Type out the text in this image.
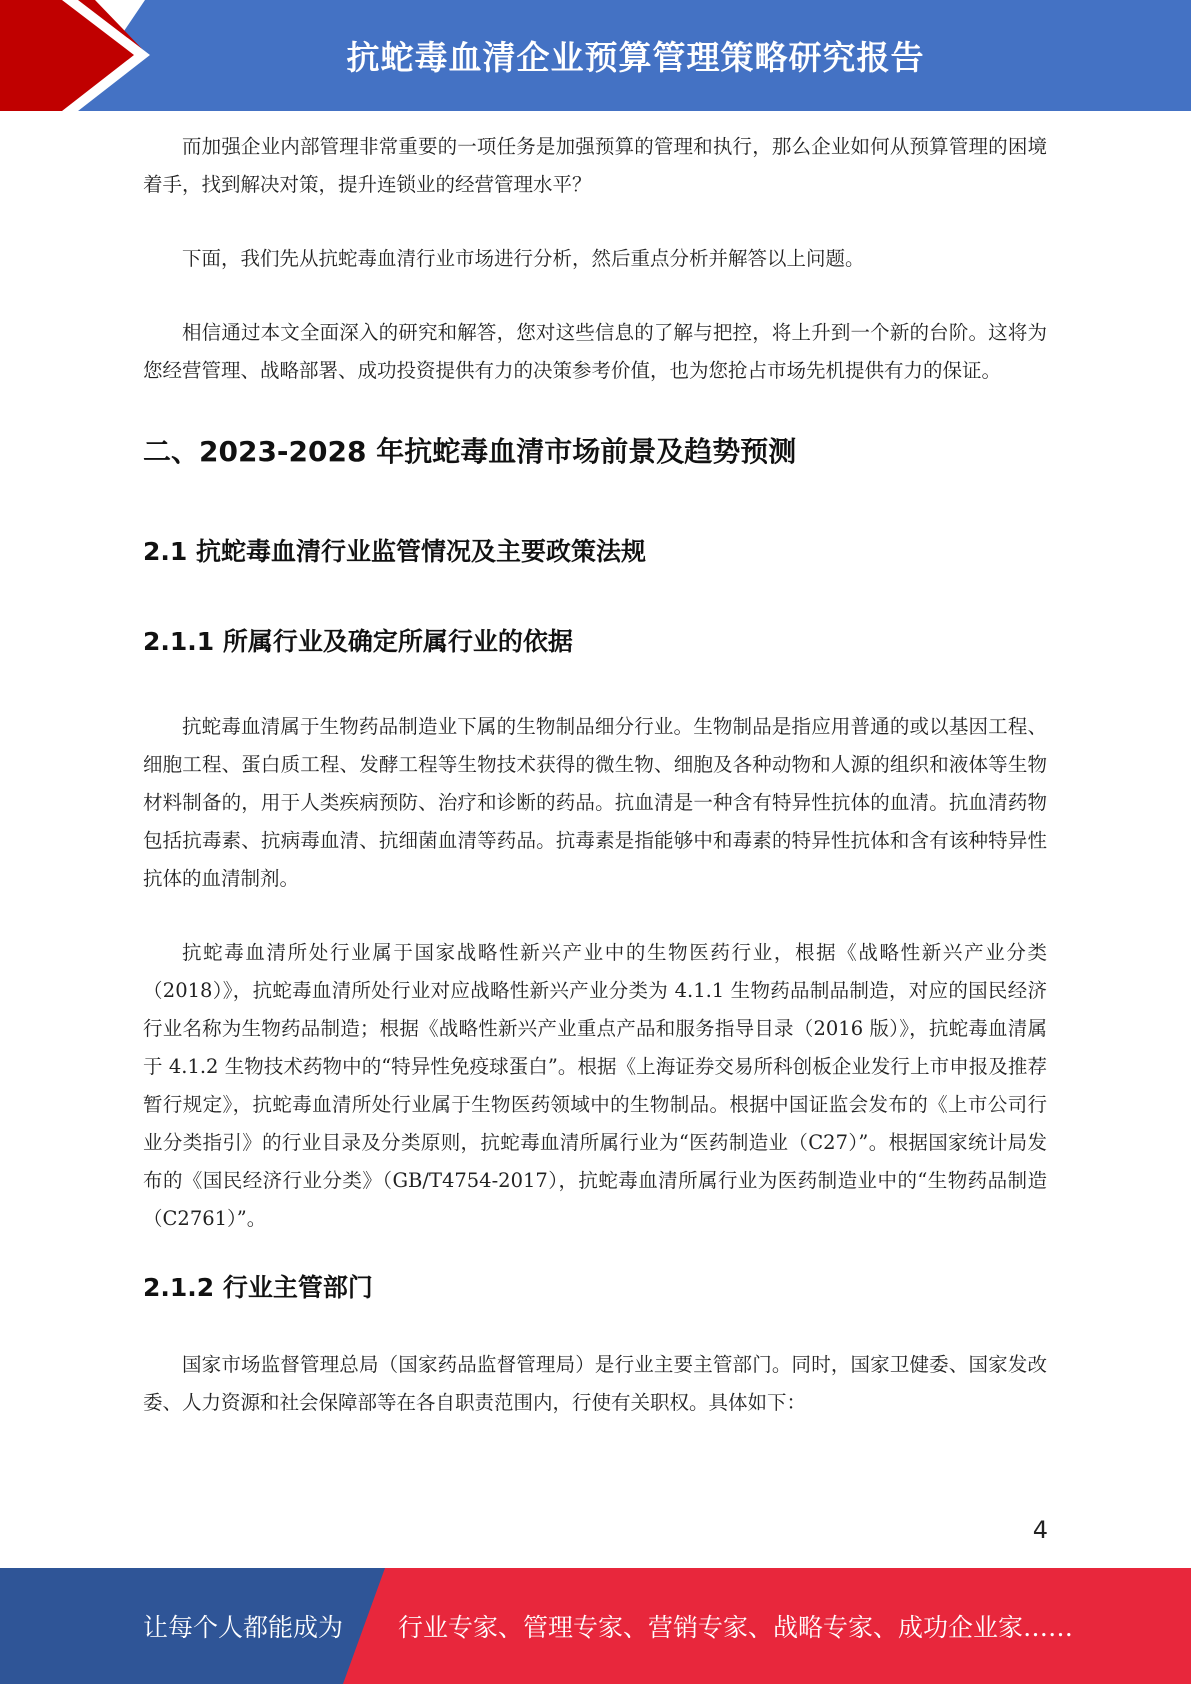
抗蛇毒血清企业预算管理策略研究报告

而加强企业内部管理非常重要的一项任务是加强预算的管理和执行，那么企业如何从预算管理的困境着手，找到解决对策，提升连锁业的经营管理水平？

下面，我们先从抗蛇毒血清行业市场进行分析，然后重点分析并解答以上问题。

相信通过本文全面深入的研究和解答，您对这些信息的了解与把控，将上升到一个新的台阶。这将为您经营管理、战略部署、成功投资提供有力的决策参考价值，也为您抢占市场先机提供有力的保证。

二、2023-2028 年抗蛇毒血清市场前景及趋势预测
2.1 抗蛇毒血清行业监管情况及主要政策法规
2.1.1 所属行业及确定所属行业的依据

抗蛇毒血清属于生物药品制造业下属的生物制品细分行业。生物制品是指应用普通的或以基因工程、细胞工程、蛋白质工程、发酵工程等生物技术获得的微生物、细胞及各种动物和人源的组织和液体等生物材料制备的，用于人类疾病预防、治疗和诊断的药品。抗血清是一种含有特异性抗体的血清。抗血清药物包括抗毒素、抗病毒血清、抗细菌血清等药品。抗毒素是指能够中和毒素的特异性抗体和含有该种特异性抗体的血清制剂。

抗蛇毒血清所处行业属于国家战略性新兴产业中的生物医药行业，根据《战略性新兴产业分类（2018）》，抗蛇毒血清所处行业对应战略性新兴产业分类为 4.1.1 生物药品制品制造，对应的国民经济行业名称为生物药品制造；根据《战略性新兴产业重点产品和服务指导目录（2016 版）》，抗蛇毒血清属于 4.1.2 生物技术药物中的“特异性免疫球蛋白”。根据《上海证券交易所科创板企业发行上市申报及推荐暂行规定》，抗蛇毒血清所处行业属于生物医药领域中的生物制品。根据中国证监会发布的《上市公司行业分类指引》的行业目录及分类原则，抗蛇毒血清所属行业为“医药制造业（C27）”。根据国家统计局发布的《国民经济行业分类》（GB/T4754-2017），抗蛇毒血清所属行业为医药制造业中的“生物药品制造（C2761）”。

2.1.2 行业主管部门

国家市场监督管理总局（国家药品监督管理局）是行业主要主管部门。同时，国家卫健委、国家发改委、人力资源和社会保障部等在各自职责范围内，行使有关职权。具体如下：

4
让每个人都能成为 行业专家、管理专家、营销专家、战略专家、成功企业家……
